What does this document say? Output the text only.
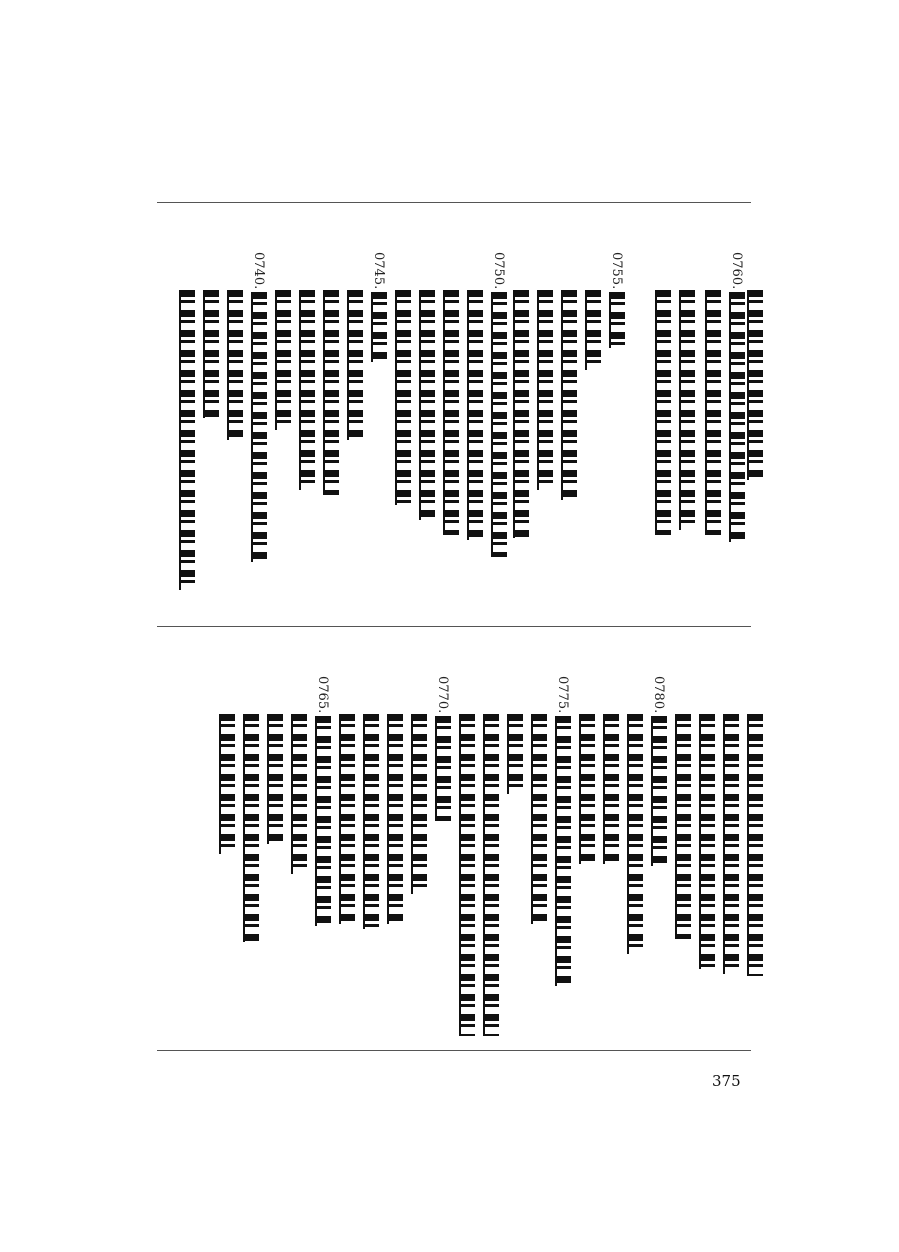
0760.
0755.
0750.
0745.
0740.
0780.
0775.
0770.
0765.
375
